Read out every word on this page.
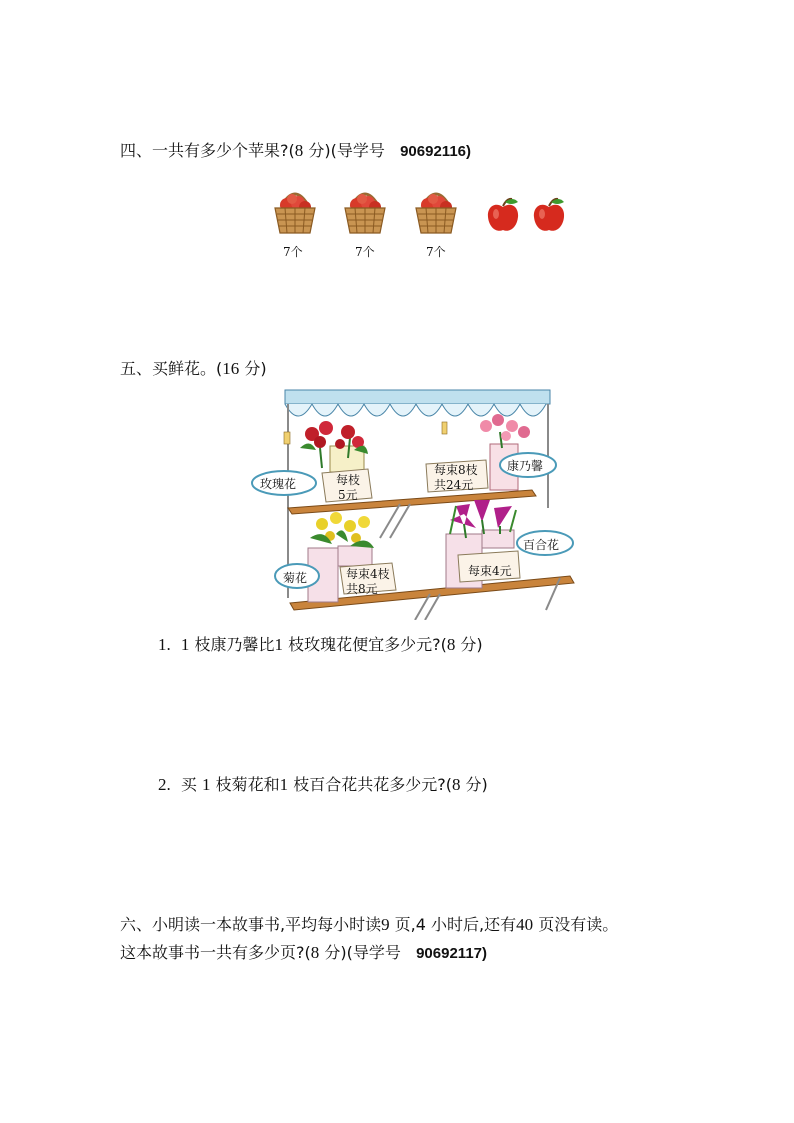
四、一共有多少个苹果?(8 分)(导学号 90692116)
7个	7个	7个
五、买鲜花。(16 分)
玫瑰花
康乃馨
菊花
百合花
每枝
5元
每束8枝
共24元
每束4枝
共8元
每束4元
1. 1 枝康乃馨比1 枝玫瑰花便宜多少元?(8 分)
2. 买 1 枝菊花和1 枝百合花共花多少元?(8 分)
六、小明读一本故事书,平均每小时读9 页,4 小时后,还有40 页没有读。
这本故事书一共有多少页?(8 分)(导学号 90692117)
